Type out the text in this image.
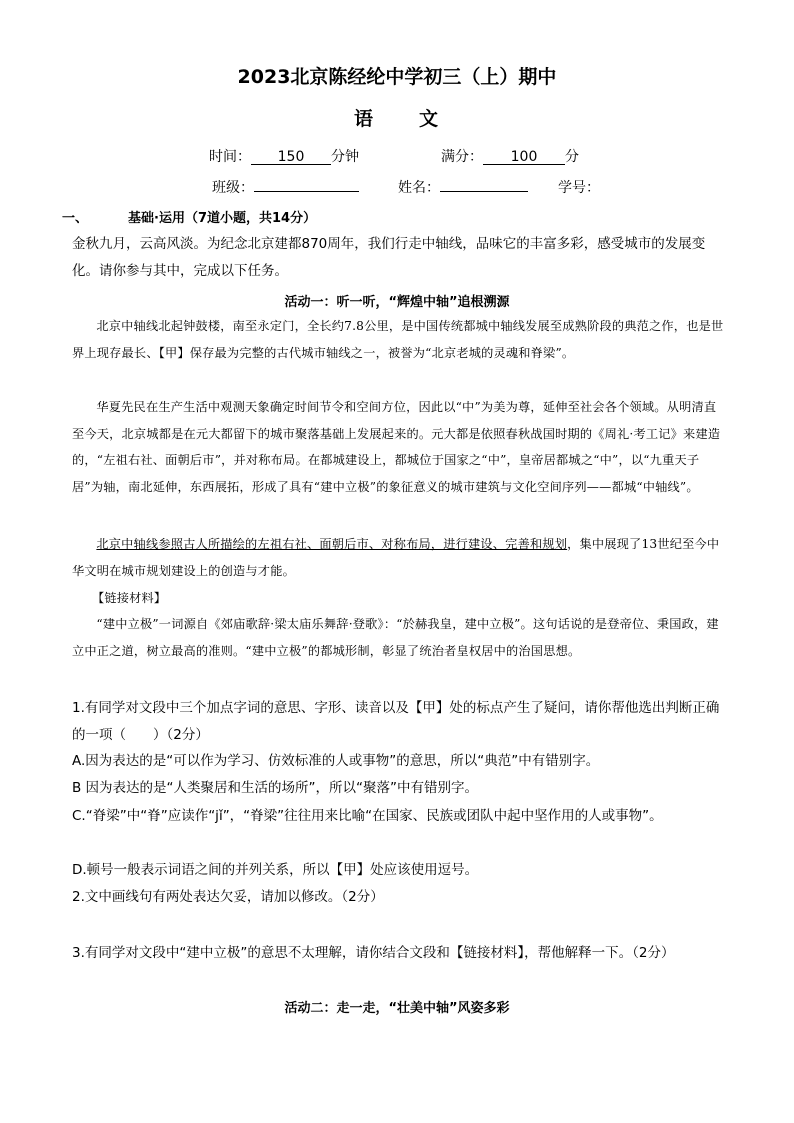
2023北京陈经纶中学初三（上）期中
语 文
时间： 150 分钟	满分： 100 分
班级：	姓名：	学号：
一、	基础·运用（7道小题，共14分）
金秋九月，云高风淡。为纪念北京建都870周年，我们行走中轴线，品味它的丰富多彩，感受城市的发展变化。请你参与其中，完成以下任务。
活动一：听一听，“辉煌中轴”追根溯源
北京中轴线北起钟鼓楼，南至永定门，全长约7.8公里，是中国传统都城中轴线发展至成熟阶段的典范之作，也是世界上现存最长、【甲】保存最为完整的古代城市轴线之一，被誉为“北京老城的灵魂和脊梁”。
华夏先民在生产生活中观测天象确定时间节令和空间方位，因此以“中”为美为尊，延伸至社会各个领域。从明清直至今天，北京城都是在元大都留下的城市聚落基础上发展起来的。元大都是依照春秋战国时期的《周礼·考工记》来建造的，“左祖右社、面朝后市”，并对称布局。在都城建设上，都城位于国家之“中”，皇帝居都城之“中”，以“九重天子居”为轴，南北延伸，东西展拓，形成了具有“建中立极”的象征意义的城市建筑与文化空间序列——都城“中轴线”。
北京中轴线参照古人所描绘的左祖右社、面朝后市、对称布局，进行建设、完善和规划，集中展现了13世纪至今中华文明在城市规划建设上的创造与才能。
【链接材料】
“建中立极”一词源自《郊庙歌辞·梁太庙乐舞辞·登歌》：“於赫我皇，建中立极”。这句话说的是登帝位、秉国政，建立中正之道，树立最高的准则。“建中立极”的都城形制，彰显了统治者皇权居中的治国思想。
1.有同学对文段中三个加点字词的意思、字形、读音以及【甲】处的标点产生了疑问，请你帮他选出判断正确的一项（　　）（2分）
A.因为表达的是“可以作为学习、仿效标准的人或事物”的意思，所以“典范”中有错别字。
B 因为表达的是“人类聚居和生活的场所”，所以“聚落”中有错别字。
C.“脊梁”中“脊”应读作“jǐ”，“脊梁”往往用来比喻“在国家、民族或团队中起中坚作用的人或事物”。
D.顿号一般表示词语之间的并列关系，所以【甲】处应该使用逗号。
2.文中画线句有两处表达欠妥，请加以修改。（2分）
3.有同学对文段中“建中立极”的意思不太理解，请你结合文段和【链接材料】，帮他解释一下。（2分）
活动二：走一走，“壮美中轴”风姿多彩
